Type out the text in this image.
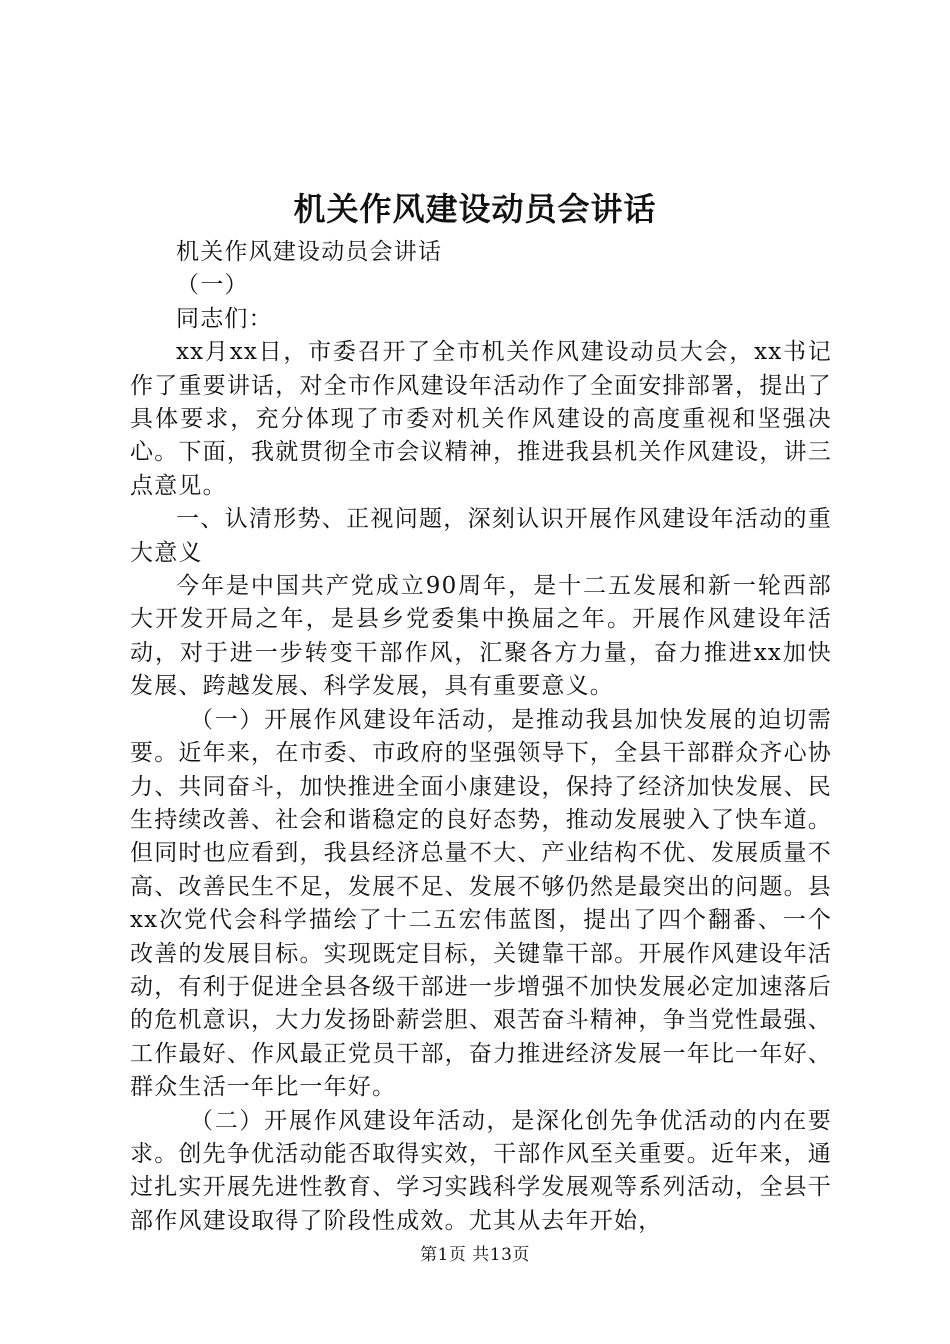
机关作风建设动员会讲话

机关作风建设动员会讲话

（一）

同志们：

xx月xx日，市委召开了全市机关作风建设动员大会，xx书记作了重要讲话，对全市作风建设年活动作了全面安排部署，提出了具体要求，充分体现了市委对机关作风建设的高度重视和坚强决心。下面，我就贯彻全市会议精神，推进我县机关作风建设，讲三点意见。

一、认清形势、正视问题，深刻认识开展作风建设年活动的重大意义

今年是中国共产党成立90周年，是十二五发展和新一轮西部大开发开局之年，是县乡党委集中换届之年。开展作风建设年活动，对于进一步转变干部作风，汇聚各方力量，奋力推进xx加快发展、跨越发展、科学发展，具有重要意义。

（一）开展作风建设年活动，是推动我县加快发展的迫切需要。近年来，在市委、市政府的坚强领导下，全县干部群众齐心协力、共同奋斗，加快推进全面小康建设，保持了经济加快发展、民生持续改善、社会和谐稳定的良好态势，推动发展驶入了快车道。但同时也应看到，我县经济总量不大、产业结构不优、发展质量不高、改善民生不足，发展不足、发展不够仍然是最突出的问题。县xx次党代会科学描绘了十二五宏伟蓝图，提出了四个翻番、一个改善的发展目标。实现既定目标，关键靠干部。开展作风建设年活动，有利于促进全县各级干部进一步增强不加快发展必定加速落后的危机意识，大力发扬卧薪尝胆、艰苦奋斗精神，争当党性最强、工作最好、作风最正党员干部，奋力推进经济发展一年比一年好、群众生活一年比一年好。

（二）开展作风建设年活动，是深化创先争优活动的内在要求。创先争优活动能否取得实效，干部作风至关重要。近年来，通过扎实开展先进性教育、学习实践科学发展观等系列活动，全县干部作风建设取得了阶段性成效。尤其从去年开始，

第1页 共13页
